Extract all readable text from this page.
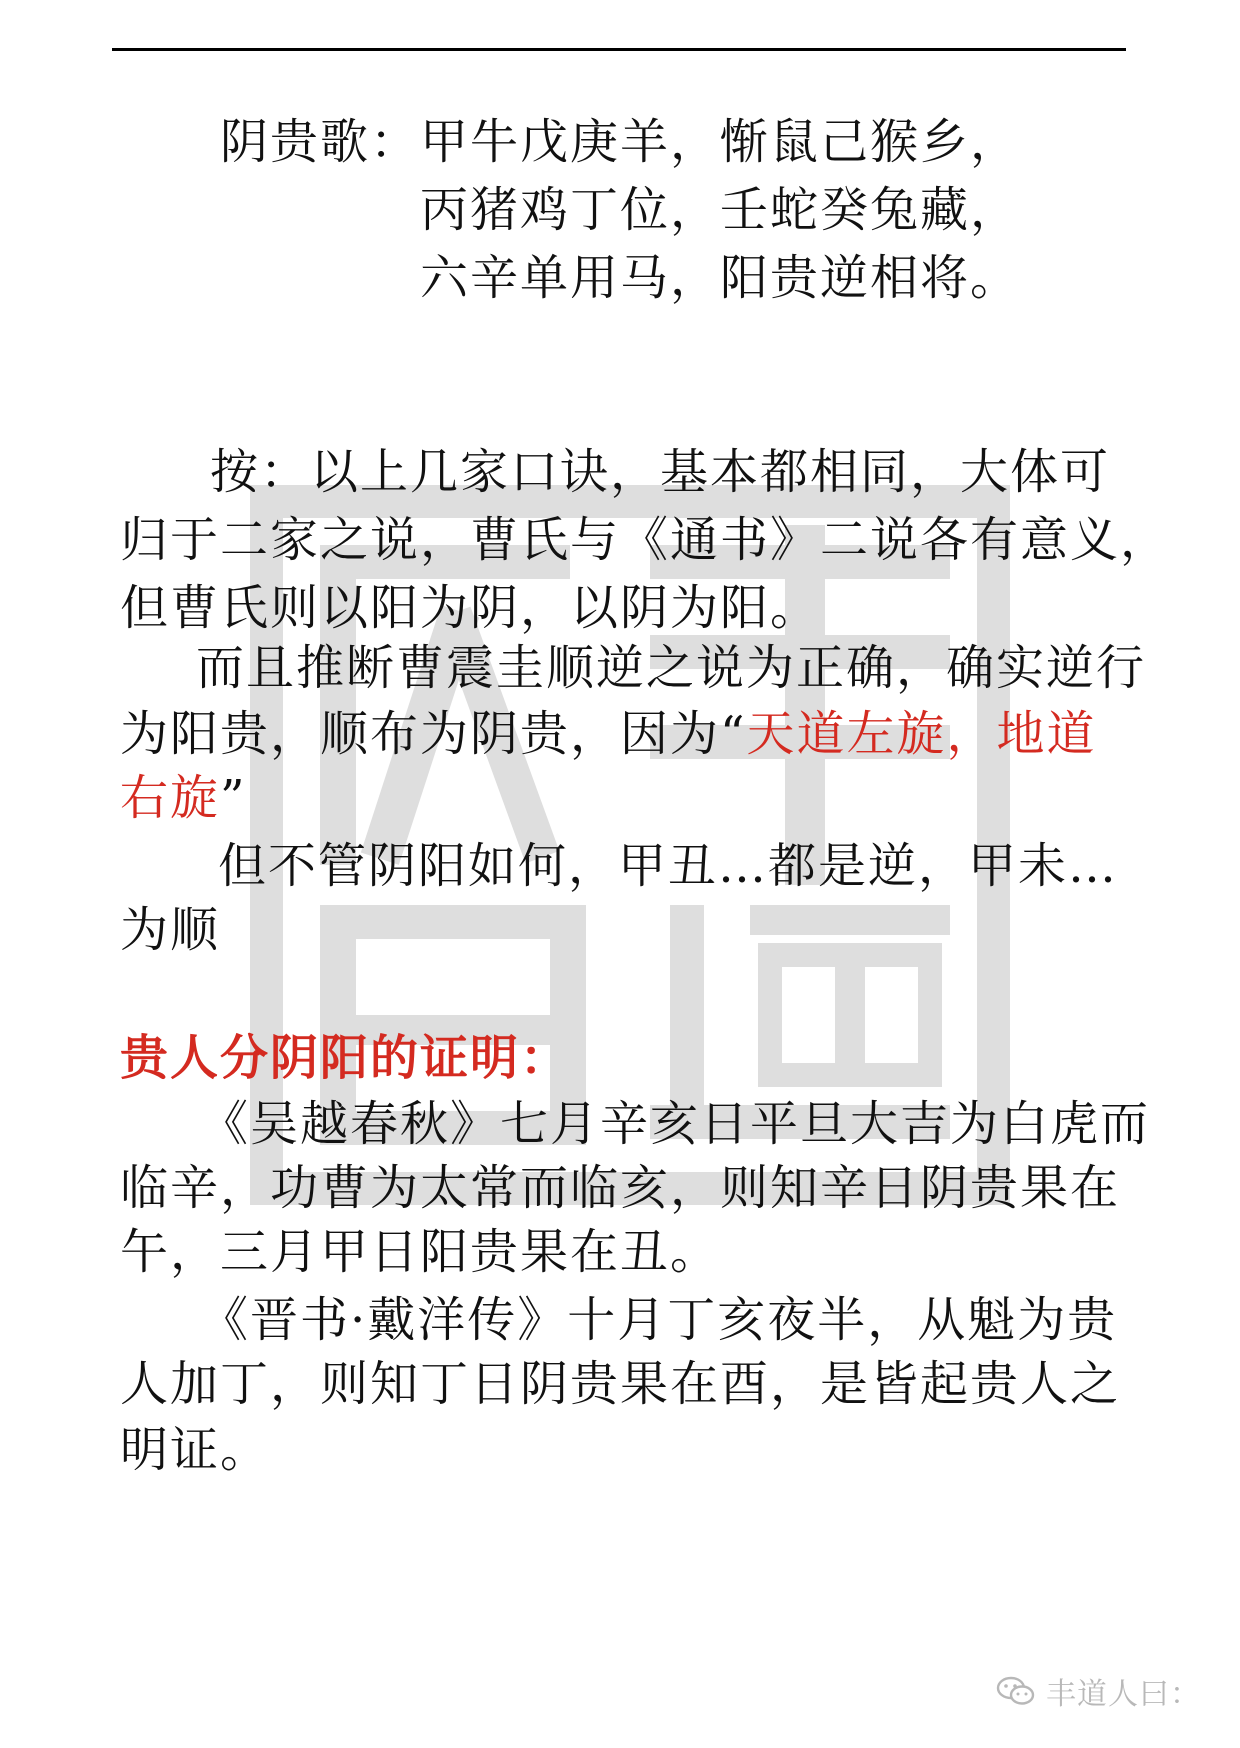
阴贵歌： 甲牛戊庚羊，惭鼠己猴乡，
丙猪鸡丁位，壬蛇癸兔藏，
六辛单用马，阳贵逆相将。
按：以上几家口诀，基本都相同，大体可
归于二家之说，曹氏与《通书》二说各有意义，
但曹氏则以阳为阴，以阴为阳。
而且推断曹震圭顺逆之说为正确，确实逆行
为阳贵，顺布为阴贵，因为“天道左旋，地道
右旋”
但不管阴阳如何，甲丑…都是逆，甲未…
为顺
贵人分阴阳的证明：
《吴越春秋》七月辛亥日平旦大吉为白虎而
临辛，功曹为太常而临亥，则知辛日阴贵果在
午，三月甲日阳贵果在丑。
《晋书·戴洋传》十月丁亥夜半，从魁为贵
人加丁，则知丁日阴贵果在酉，是皆起贵人之
明证。
丰道人曰：
